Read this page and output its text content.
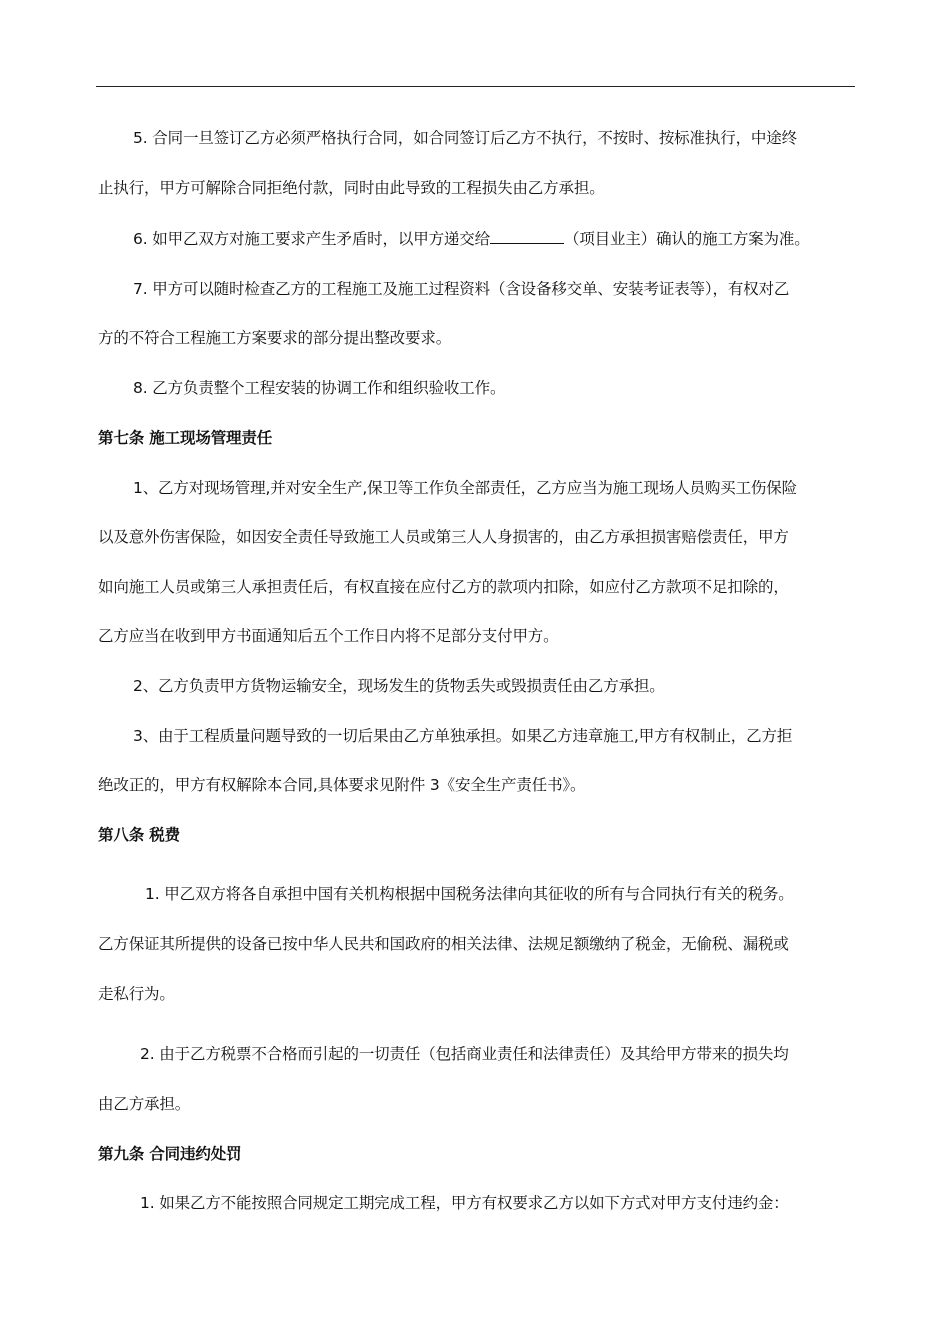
5. 合同一旦签订乙方必须严格执行合同，如合同签订后乙方不执行，不按时、按标准执行，中途终
止执行，甲方可解除合同拒绝付款，同时由此导致的工程损失由乙方承担。
6. 如甲乙双方对施工要求产生矛盾时，以甲方递交给	（项目业主）确认的施工方案为准。
7. 甲方可以随时检查乙方的工程施工及施工过程资料（含设备移交单、安装考证表等），有权对乙
方的不符合工程施工方案要求的部分提出整改要求。
8. 乙方负责整个工程安装的协调工作和组织验收工作。
第七条 施工现场管理责任
1、乙方对现场管理,并对安全生产,保卫等工作负全部责任，乙方应当为施工现场人员购买工伤保险
以及意外伤害保险，如因安全责任导致施工人员或第三人人身损害的，由乙方承担损害赔偿责任，甲方
如向施工人员或第三人承担责任后，有权直接在应付乙方的款项内扣除，如应付乙方款项不足扣除的，
乙方应当在收到甲方书面通知后五个工作日内将不足部分支付甲方。
2、乙方负责甲方货物运输安全，现场发生的货物丢失或毁损责任由乙方承担。
3、由于工程质量问题导致的一切后果由乙方单独承担。如果乙方违章施工,甲方有权制止，乙方拒
绝改正的，甲方有权解除本合同,具体要求见附件 3《安全生产责任书》。
第八条 税费
1. 甲乙双方将各自承担中国有关机构根据中国税务法律向其征收的所有与合同执行有关的税务。
乙方保证其所提供的设备已按中华人民共和国政府的相关法律、法规足额缴纳了税金，无偷税、漏税或
走私行为。
2. 由于乙方税票不合格而引起的一切责任（包括商业责任和法律责任）及其给甲方带来的损失均
由乙方承担。
第九条 合同违约处罚
1. 如果乙方不能按照合同规定工期完成工程，甲方有权要求乙方以如下方式对甲方支付违约金：
